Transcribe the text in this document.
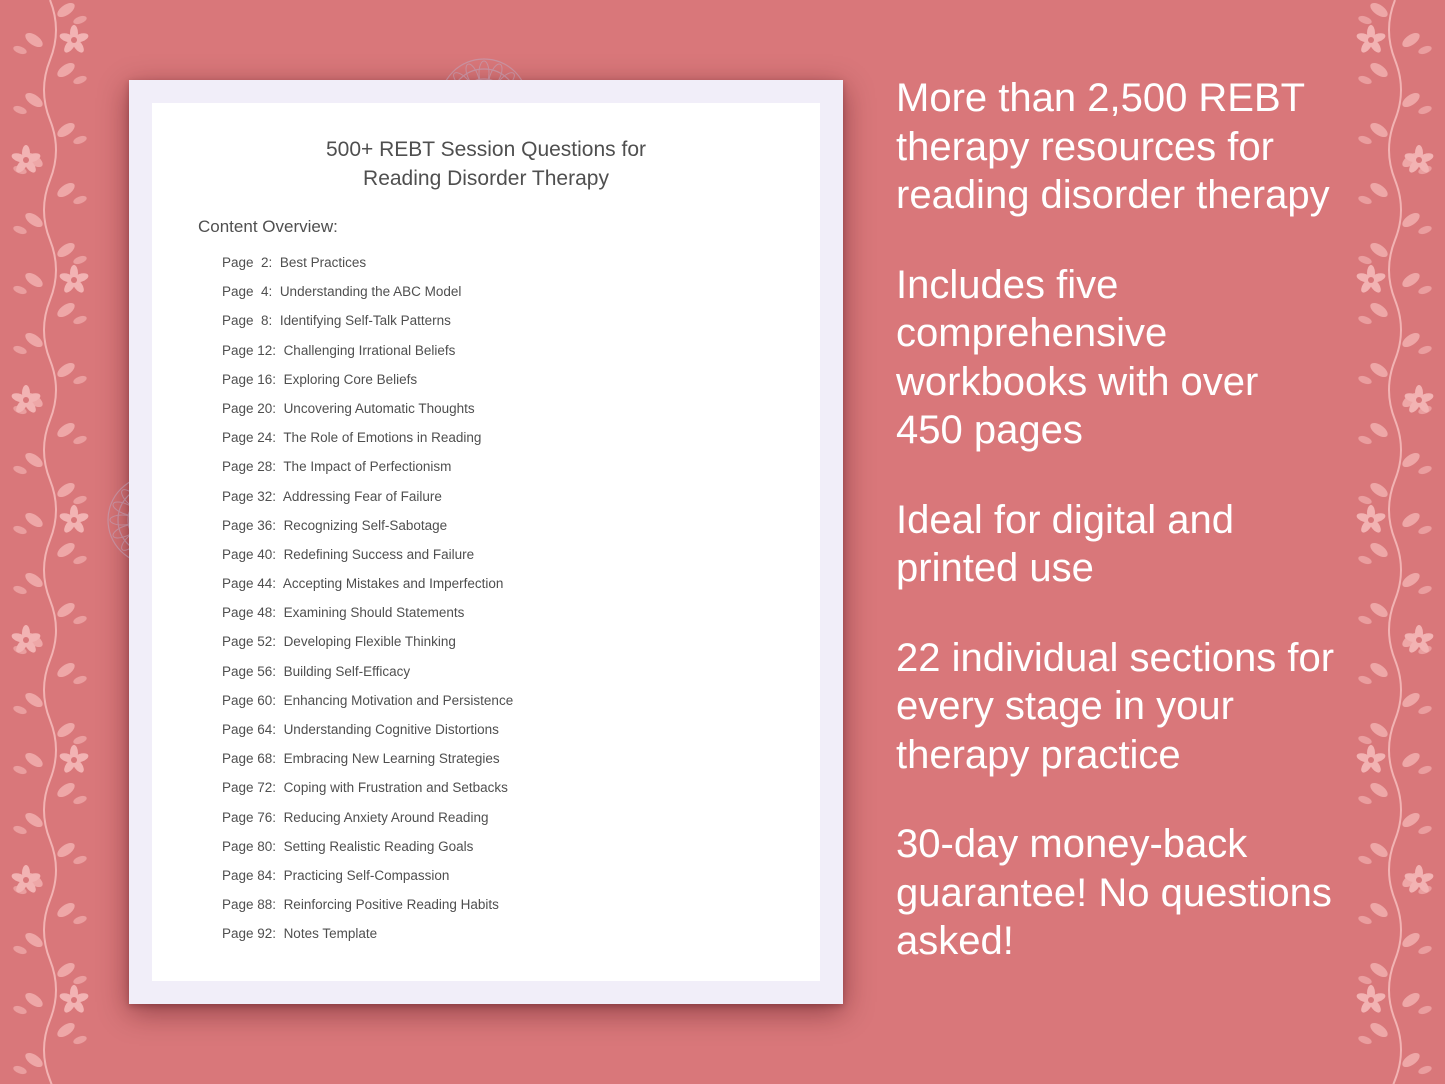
500+ REBT Session Questions for
Reading Disorder Therapy
Content Overview:
Page  2: Best Practices
Page  4: Understanding the ABC Model
Page  8: Identifying Self-Talk Patterns
Page 12: Challenging Irrational Beliefs
Page 16: Exploring Core Beliefs
Page 20: Uncovering Automatic Thoughts
Page 24: The Role of Emotions in Reading
Page 28: The Impact of Perfectionism
Page 32: Addressing Fear of Failure
Page 36: Recognizing Self-Sabotage
Page 40: Redefining Success and Failure
Page 44: Accepting Mistakes and Imperfection
Page 48: Examining Should Statements
Page 52: Developing Flexible Thinking
Page 56: Building Self-Efficacy
Page 60: Enhancing Motivation and Persistence
Page 64: Understanding Cognitive Distortions
Page 68: Embracing New Learning Strategies
Page 72: Coping with Frustration and Setbacks
Page 76: Reducing Anxiety Around Reading
Page 80: Setting Realistic Reading Goals
Page 84: Practicing Self-Compassion
Page 88: Reinforcing Positive Reading Habits
Page 92: Notes Template

More than 2,500 REBT therapy resources for reading disorder therapy

Includes five comprehensive workbooks with over 450 pages

Ideal for digital and printed use

22 individual sections for every stage in your therapy practice

30-day money-back guarantee! No questions asked!
